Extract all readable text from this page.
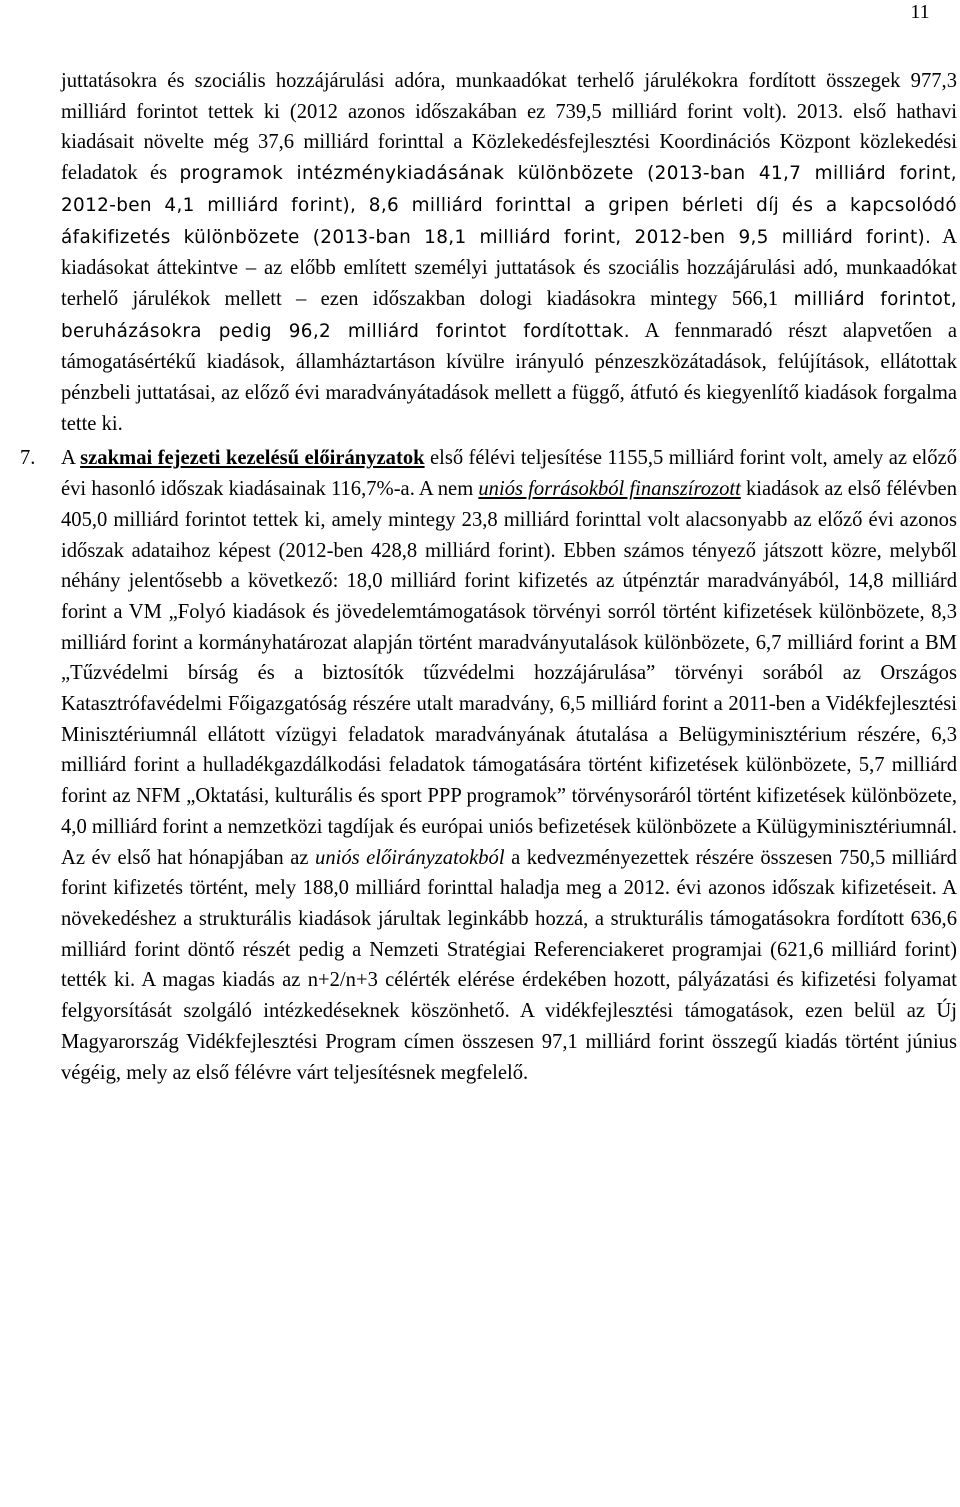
11

juttatásokra és szociális hozzájárulási adóra, munkaadókat terhelő járulékokra fordított összegek 977,3 milliárd forintot tettek ki (2012 azonos időszakában ez 739,5 milliárd forint volt). 2013. első hathavi kiadásait növelte még 37,6 milliárd forinttal a Közlekedésfejlesztési Koordinációs Központ közlekedési feladatok és programok intézménykiadásának különbözete (2013-ban 41,7 milliárd forint, 2012-ben 4,1 milliárd forint), 8,6 milliárd forinttal a gripen bérleti díj és a kapcsolódó áfakifizetés különbözete (2013-ban 18,1 milliárd forint, 2012-ben 9,5 milliárd forint). A kiadásokat áttekintve – az előbb említett személyi juttatások és szociális hozzájárulási adó, munkaadókat terhelő járulékok mellett – ezen időszakban dologi kiadásokra mintegy 566,1 milliárd forintot, beruházásokra pedig 96,2 milliárd forintot fordítottak. A fennmaradó részt alapvetően a támogatásértékű kiadások, államháztartáson kívülre irányuló pénzeszközátadások, felújítások, ellátottak pénzbeli juttatásai, az előző évi maradványátadások mellett a függő, átfutó és kiegyenlítő kiadások forgalma tette ki.

7. A szakmai fejezeti kezelésű előirányzatok első félévi teljesítése 1155,5 milliárd forint volt, amely az előző évi hasonló időszak kiadásainak 116,7%-a. A nem uniós forrásokból finanszírozott kiadások az első félévben 405,0 milliárd forintot tettek ki, amely mintegy 23,8 milliárd forinttal volt alacsonyabb az előző évi azonos időszak adataihoz képest (2012-ben 428,8 milliárd forint). Ebben számos tényező játszott közre, melyből néhány jelentősebb a következő: 18,0 milliárd forint kifizetés az útpénztár maradványából, 14,8 milliárd forint a VM „Folyó kiadások és jövedelemtámogatások törvényi sorról történt kifizetések különbözete, 8,3 milliárd forint a kormányhatározat alapján történt maradványutalások különbözete, 6,7 milliárd forint a BM „Tűzvédelmi bírság és a biztosítók tűzvédelmi hozzájárulása” törvényi sorából az Országos Katasztrófavédelmi Főigazgatóság részére utalt maradvány, 6,5 milliárd forint a 2011-ben a Vidékfejlesztési Minisztériumnál ellátott vízügyi feladatok maradványának átutalása a Belügyminisztérium részére, 6,3 milliárd forint a hulladékgazdálkodási feladatok támogatására történt kifizetések különbözete, 5,7 milliárd forint az NFM „Oktatási, kulturális és sport PPP programok” törvénysoráról történt kifizetések különbözete, 4,0 milliárd forint a nemzetközi tagdíjak és európai uniós befizetések különbözete a Külügyminisztériumnál. Az év első hat hónapjában az uniós előirányzatokból a kedvezményezettek részére összesen 750,5 milliárd forint kifizetés történt, mely 188,0 milliárd forinttal haladja meg a 2012. évi azonos időszak kifizetéseit. A növekedéshez a strukturális kiadások járultak leginkább hozzá, a strukturális támogatásokra fordított 636,6 milliárd forint döntő részét pedig a Nemzeti Stratégiai Referenciakeret programjai (621,6 milliárd forint) tették ki. A magas kiadás az n+2/n+3 célérték elérése érdekében hozott, pályázatási és kifizetési folyamat felgyorsítását szolgáló intézkedéseknek köszönhető. A vidékfejlesztési támogatások, ezen belül az Új Magyarország Vidékfejlesztési Program címen összesen 97,1 milliárd forint összegű kiadás történt június végéig, mely az első félévre várt teljesítésnek megfelelő.
